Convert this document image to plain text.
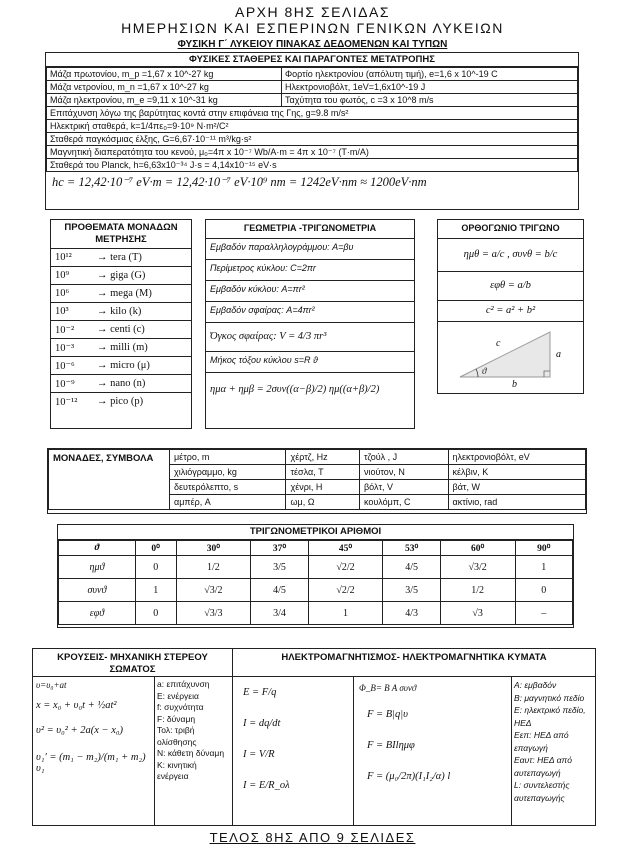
ΑΡΧΗ 8ΗΣ ΣΕΛΙΔΑΣ
ΗΜΕΡΗΣΙΩΝ ΚΑΙ ΕΣΠΕΡΙΝΩΝ ΓΕΝΙΚΩΝ ΛΥΚΕΙΩΝ
ΦΥΣΙΚΗ Γ΄ ΛΥΚΕΙΟΥ ΠΙΝΑΚΑΣ ΔΕΔΟΜΕΝΩΝ ΚΑΙ ΤΥΠΩΝ
ΦΥΣΙΚΕΣ ΣΤΑΘΕΡΕΣ ΚΑΙ ΠΑΡΑΓΟΝΤΕΣ ΜΕΤΑΤΡΟΠΗΣ
Μάζα πρωτονίου, m_p =1,67 x 10^-27 kg	Φορτίο ηλεκτρονίου (απόλυτη τιμή), e=1,6 x 10^-19 C
Μάζα νετρονίου, m_n =1,67 x 10^-27 kg	Ηλεκτρονιοβόλτ, 1eV=1,6x10^-19 J
Μάζα ηλεκτρονίου, m_e =9,11 x 10^-31 kg	Ταχύτητα του φωτός, c =3 x 10^8 m/s
Επιτάχυνση λόγω της βαρύτητας κοντά στην επιφάνεια της Γης, g=9.8 m/s²	
Ηλεκτρική σταθερά, k=1/4πε₀=9·10⁹ N·m²/C²	
Σταθερά παγκόσμιας έλξης, G=6,67·10⁻¹¹ m³/kg·s²	
Μαγνητική διαπερατότητα του κενού, μ₀=4π x 10⁻⁷ Wb/A·m = 4π x 10⁻⁷ (T·m/A)	
Σταθερά του Planck, h=6,63x10⁻³⁴ J·s = 4,14x10⁻¹⁵ eV·s	
hc = 12,42·10⁻⁷ eV·m = 12,42·10⁻⁷ eV·10⁹ nm = 1242eV·nm ≈ 1200eV·nm
ΠΡΟΘΕΜΑΤΑ ΜΟΝΑΔΩΝ ΜΕΤΡΗΣΗΣ
10¹²	→ tera (T)
10⁹	→ giga (G)
10⁶	→ mega (M)
10³	→ kilo (k)
10⁻²	→ centi (c)
10⁻³	→ milli (m)
10⁻⁶	→ micro (μ)
10⁻⁹	→ nano (n)
10⁻¹²	→ pico (p)
ΓΕΩΜΕΤΡΙΑ -ΤΡΙΓΩΝΟΜΕΤΡΙΑ
Εμβαδόν παραλληλογράμμου: A=βυ
Περίμετρος κύκλου: C=2πr
Εμβαδόν κύκλου: A=πr²
Εμβαδόν σφαίρας: A=4πr²
Όγκος σφαίρας: V = 4/3 πr³
Μήκος τόξου κύκλου s=R ϑ
ημα + ημβ = 2συν((α−β)/2) ημ((α+β)/2)
ΟΡΘΟΓΩΝΙΟ ΤΡΙΓΩΝΟ
ημθ = a/c , συνθ = b/c
εφθ = a/b
c² = a² + b²
c
a
b
ϑ
ΜΟΝΑΔΕΣ, ΣΥΜΒΟΛΑ	μέτρο, m	χέρτζ, Hz	τζούλ , J	ηλεκτρονιοβόλτ, eV
	χιλιόγραμμο, kg	τέσλα, T	νιούτον, N	κέλβιν, K
	δευτερόλεπτο, s	χένρι, H	βόλτ, V	βάτ, W
	αμπέρ, A	ωμ, Ω	κουλόμπ, C	ακτίνιο, rad
ΤΡΙΓΩΝΟΜΕΤΡΙΚΟΙ ΑΡΙΘΜΟΙ
ϑ	0⁰	30⁰	37⁰	45⁰	53⁰	60⁰	90⁰
ημϑ	0	1/2	3/5	√2/2	4/5	√3/2	1
συνϑ	1	√3/2	4/5	√2/2	3/5	1/2	0
εφϑ	0	√3/3	3/4	1	4/3	√3	–
ΚΡΟΥΣΕΙΣ- ΜΗΧΑΝΙΚΗ ΣΤΕΡΕΟΥ ΣΩΜΑΤΟΣ
ΗΛΕΚΤΡΟΜΑΓΝΗΤΙΣΜΟΣ- ΗΛΕΚΤΡΟΜΑΓΝΗΤΙΚΑ ΚΥΜΑΤΑ
υ=υ₀+at
x = x₀ + υ₀t + ½at²
υ² = υ₀² + 2a(x − x₀)
υ₁′ = (m₁ − m₂)/(m₁ + m₂) υ₁
a: επιτάχυνση
E: ενέργεια
f: συχνότητα
F: δύναμη
Τολ: τριβή ολίσθησης
N: κάθετη δύναμη
K: κινητική ενέργεια
E = F/q
I = dq/dt
I = V/R
I = E/R_ολ
Φ_B= B A συνϑ
F = B|q|υ
F = BIlημφ
F = (μ₀/2π)(I₁I₂/α) l
A: εμβαδόν
B: μαγνητικό πεδίο
E: ηλεκτρικό πεδίο, ΗΕΔ
Eεπ: ΗΕΔ από επαγωγή
Eαυτ: ΗΕΔ από αυτεπαγωγή
L: συντελεστής αυτεπαγωγής
ΤΕΛΟΣ 8ΗΣ ΑΠΟ 9 ΣΕΛΙΔΕΣ
